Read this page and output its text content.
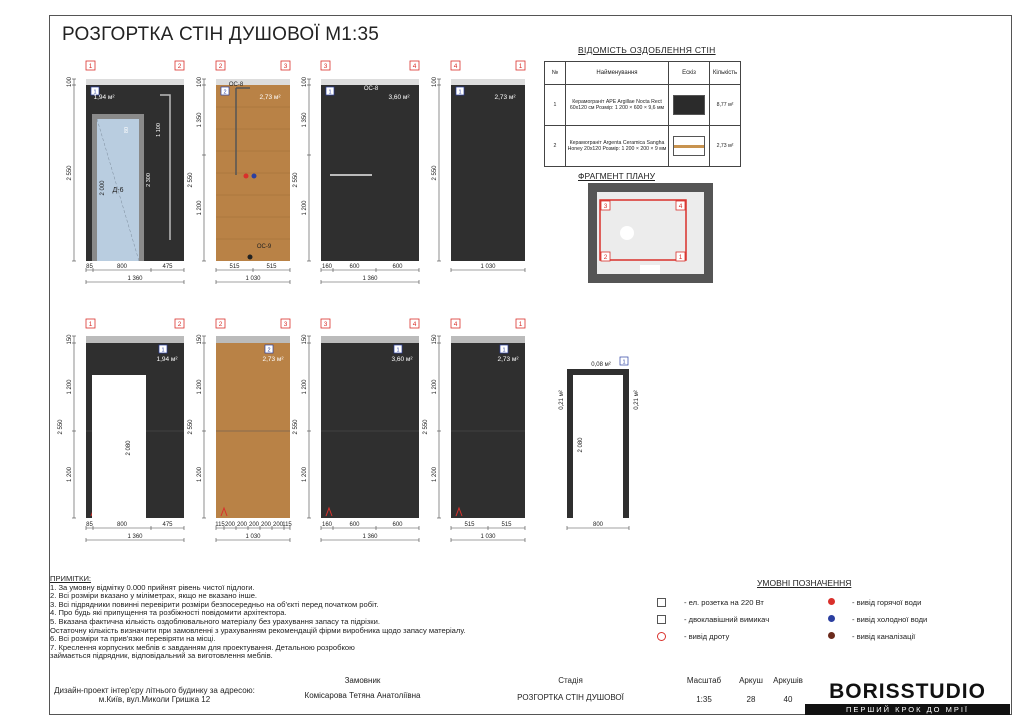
РОЗГОРТКА СТІН ДУШОВОЇ М1:35
1	2
1
1,94 м²
100
2 550
2	3
2
2,73 м²
100
1 350
1 200
2 550
3	4
1
3,60 м²
100
1 350
1 200
2 550
4	1
1
2,73 м²
100
2 550
Д-6
2 000
80	1 100
2 300
OC-8
OC-9
OC-8
85	800	475
1 360
515	515
1 030
160	600	600
1 360
1 030
1	2
1
1,94 м²
150
1 200
1 200
2 550
2	3
2
2,73 м²
150
1 200
1 200
2 550
3	4
1
3,60 м²
150
1 200
1 200
2 550
4	1
1
2,73 м²
150
1 200
1 200
2 550
2 080
85	800	475
1 360
115 200 200 200 200 200 115
1 030
160	600	600
1 360
515	515
1 030
0,08 м²
0,21 м²	0,21 м²
1
2 080
800
3	4
2	1
ВІДОМІСТЬ ОЗДОБЛЕННЯ СТІН
№	Найменування	Ескіз	Кількість
1	Керамограніт APE Argillae Nocta Rect 60x120 см Розмір: 1 200 × 600 × 9,6 мм		8,77 м²
2	Керамограніт Argenta Ceramica Sangha Honey 20x120 Розмір: 1 200 × 200 × 9 мм		2,73 м²
ФРАГМЕНТ ПЛАНУ
ПРИМІТКИ:
1. За умовну відмітку 0.000 прийнят рівень чистої підлоги.
2. Всі розміри вказано у міліметрах, якщо не вказано інше.
3. Всі підрядники повинні перевірити розміри безпосередньо на об'єкті перед початком робіт.
4. Про будь які припущення та розбіжності повідомити архітектора.
5. Вказана фактична кількість оздоблювального матеріалу без урахування запасу та підрізки.
Остаточну кількість визначити при замовленні з урахуванням рекомендацій фірми виробника щодо запасу матеріалу.
6. Всі розміри та прив'язки перевіряти на місці.
7. Креслення корпусних меблів є завданням для проектування. Детальною розробкою
займається підрядник, відповідальний за виготовлення меблів.
УМОВНІ ПОЗНАЧЕННЯ
- ел. розетка на 220 Вт
- двоклавішний вимикач
- вивід дроту
- вивід горячої води
- вивід холодної води
- вивід каналізації
Дизайн-проект інтер'єру літнього будинку за адресою: м.Київ, вул.Миколи Гришка 12
Замовник
Комісарова Тетяна Анатоліївна
Стадія
РОЗГОРТКА СТІН ДУШОВОЇ
Масштаб
1:35
Аркуш
28
Аркушів
40	BORISSTUDIO
ПЕРШИЙ КРОК ДО МРІЇ
